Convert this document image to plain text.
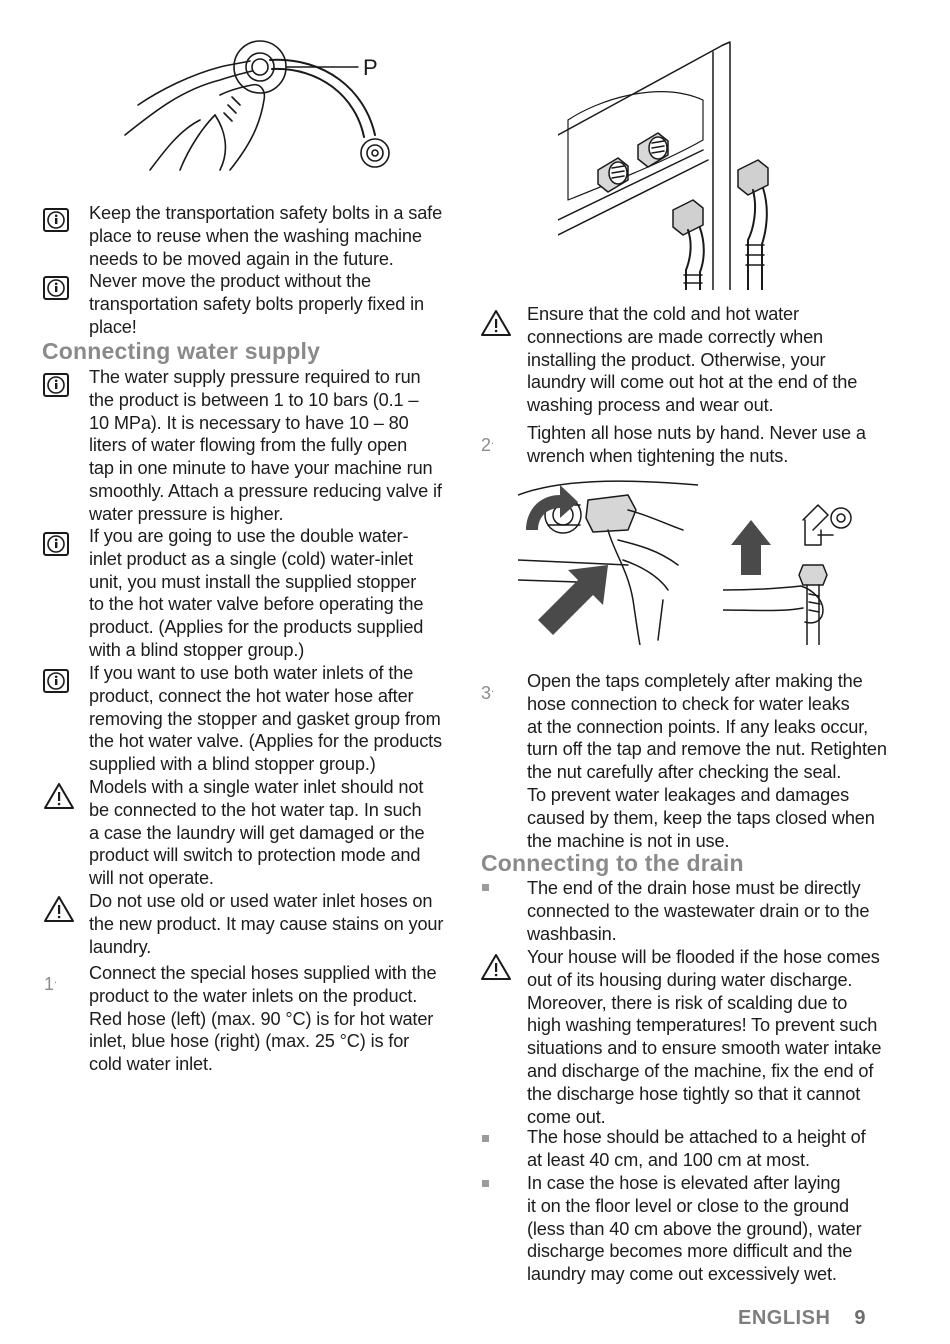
P
Keep the transportation safety bolts in a safe
place to reuse when the washing machine
needs to be moved again in the future.
Never move the product without the
transportation safety bolts properly fixed in
place!
Connecting water supply
The water supply pressure required to run
the product is between 1 to 10 bars (0.1 –
10 MPa). It is necessary to have 10 – 80
liters of water flowing from the fully open
tap in one minute to have your machine run
smoothly. Attach a pressure reducing valve if
water pressure is higher.
If you are going to use the double water-
inlet product as a single (cold) water-inlet
unit, you must install the supplied stopper
to the hot water valve before operating the
product. (Applies for the products supplied
with a blind stopper group.)
If you want to use both water inlets of the
product, connect the hot water hose after
removing the stopper and gasket group from
the hot water valve. (Applies for the products
supplied with a blind stopper group.)
Models with a single water inlet should not
be connected to the hot water tap. In such
a case the laundry will get damaged or the
product will switch to protection mode and
will not operate.
Do not use old or used water inlet hoses on
the new product. It may cause stains on your
laundry.
1. Connect the special hoses supplied with the
product to the water inlets on the product.
Red hose (left) (max. 90 °C) is for hot water
inlet, blue hose (right) (max. 25 °C) is for
cold water inlet.
Ensure that the cold and hot water
connections are made correctly when
installing the product. Otherwise, your
laundry will come out hot at the end of the
washing process and wear out.
2. Tighten all hose nuts by hand. Never use a
wrench when tightening the nuts.
3. Open the taps completely after making the
hose connection to check for water leaks
at the connection points. If any leaks occur,
turn off the tap and remove the nut. Retighten
the nut carefully after checking the seal.
To prevent water leakages and damages
caused by them, keep the taps closed when
the machine is not in use.
Connecting to the drain
The end of the drain hose must be directly
connected to the wastewater drain or to the
washbasin.
Your house will be flooded if the hose comes
out of its housing during water discharge.
Moreover, there is risk of scalding due to
high washing temperatures! To prevent such
situations and to ensure smooth water intake
and discharge of the machine, fix the end of
the discharge hose tightly so that it cannot
come out.
The hose should be attached to a height of
at least 40 cm, and 100 cm at most.
In case the hose is elevated after laying
it on the floor level or close to the ground
(less than 40 cm above the ground), water
discharge becomes more difficult and the
laundry may come out excessively wet.
ENGLISH 9
